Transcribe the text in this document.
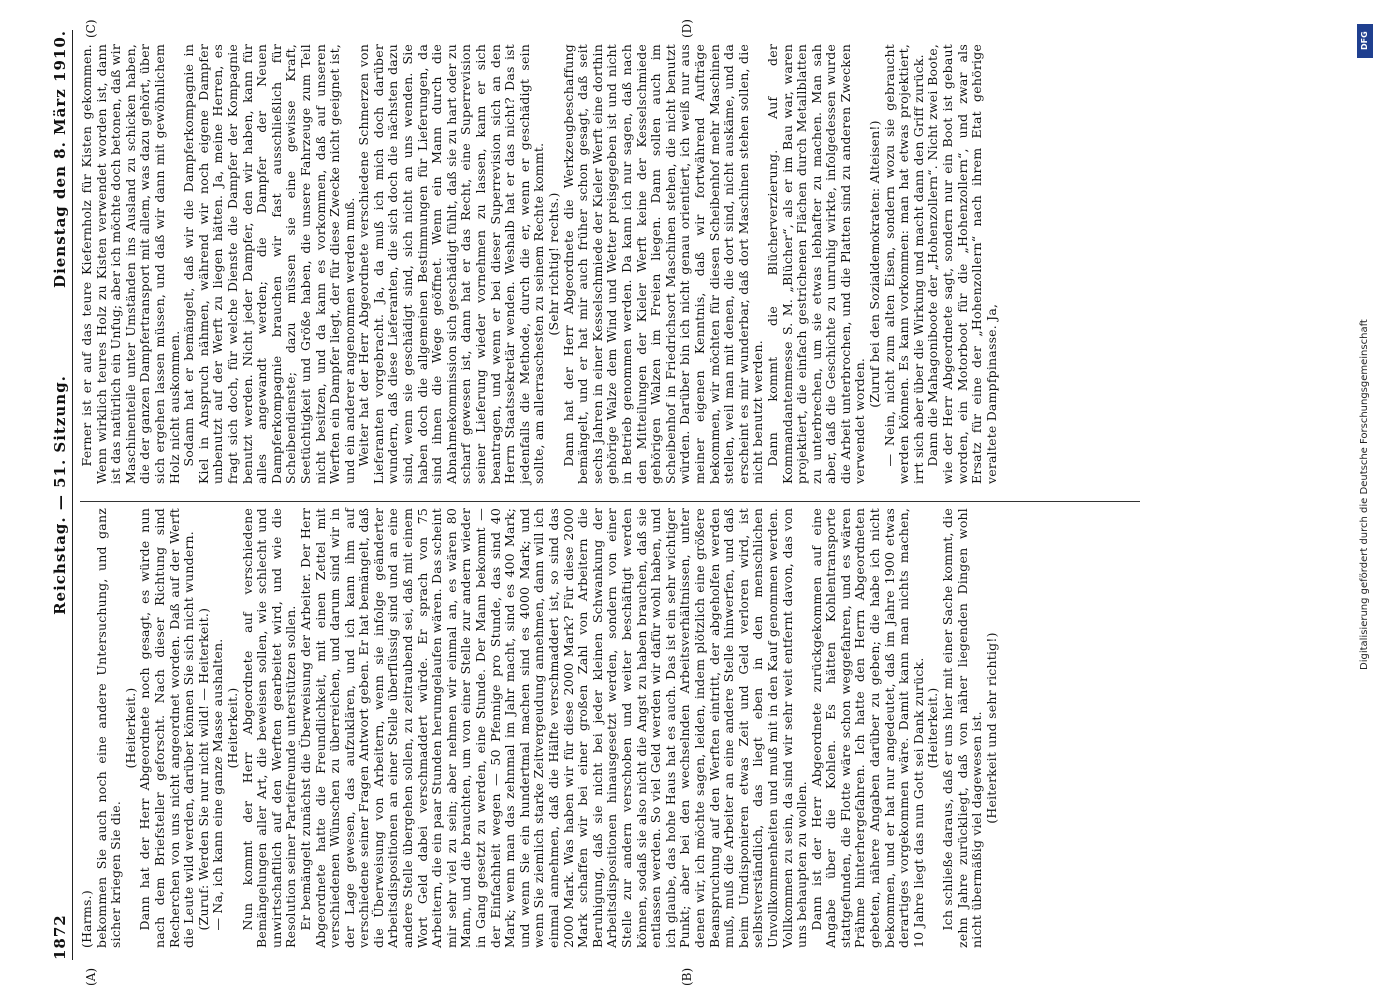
1872
Reichstag. — 51. Sitzung.
Dienstag den 8. März 1910.
(A)	(B)
(C)	(D)

(Harms.) bekommen Sie auch noch eine andere Untersuchung, und ganz sicher kriegen Sie die.

(Heiterkeit.) Dann hat der Herr Abgeordnete noch gesagt, es würde nun nach dem Briefsteller geforscht. Nach dieser Richtung sind Recherchen von uns nicht angeordnet worden. Daß auf der Werft die Leute wild werden, darüber können Sie sich nicht wundern. (Zuruf: Werden Sie nur nicht wild! — Heiterkeit.) — Na, ich kann eine ganze Masse aushalten. (Heiterkeit.) Nun kommt der Herr Abgeordnete auf verschiedene Bemängelungen aller Art, die beweisen sollen, wie schlecht und unwirtschaftlich auf den Werften gearbeitet wird, und wie die Resolution seiner Parteifreunde unterstützen sollen. Er bemängelt zunächst die Überweisung der Arbeiter. Der Herr Abgeordnete hatte die Freundlichkeit, mit einen Zettel mit verschiedenen Wünschen zu überreichen, und darum sind wir in der Lage gewesen, das aufzuklären, und ich kann ihm auf verschiedene seiner Fragen Antwort geben. Er hat bemängelt, daß die Überweisung von Arbeitern, wenn sie infolge geänderter Arbeitsdispositionen an einer Stelle überflüssig sind und an eine andere Stelle übergehen sollen, zu zeitraubend sei, daß mit einem Wort Geld dabei verschmaddert würde. Er sprach von 75 Arbeitern, die ein paar Stunden herumgelaufen wären. Das scheint mir sehr viel zu sein; aber nehmen wir einmal an, es wären 80 Mann, und die brauchten, um von einer Stelle zur andern wieder in Gang gesetzt zu werden, eine Stunde. Der Mann bekommt — der Einfachheit wegen — 50 Pfennige pro Stunde, das sind 40 Mark; wenn man das zehnmal im Jahr macht, sind es 400 Mark; und wenn Sie ein hundertmal machen sind es 4000 Mark; und wenn Sie ziemlich starke Zeitvergeudung annehmen, dann will ich einmal annehmen, daß die Hälfte verschmaddert ist, so sind das 2000 Mark. Was haben wir für diese 2000 Mark? Für diese 2000 Mark schaffen wir bei einer großen Zahl von Arbeitern die Beruhigung, daß sie nicht bei jeder kleinen Schwankung der Arbeitsdispositionen hinausgesetzt werden, sondern von einer Stelle zur andern verschoben und weiter beschäftigt werden können, sodaß sie also nicht die Angst zu haben brauchen, daß sie entlassen werden. So viel Geld werden wir dafür wohl haben, und ich glaube, das hohe Haus hat es auch. Das ist ein sehr wichtiger Punkt; aber bei den wechselnden Arbeitsverhältnissen, unter denen wir, ich möchte sagen, leiden, indem plötzlich eine größere Beanspruchung auf den Werften eintritt, der abgeholfen werden muß, muß die Arbeiter an eine andere Stelle hinwerfen, und daß beim Umdisponieren etwas Zeit und Geld verloren wird, ist selbstverständlich, das liegt eben in den menschlichen Unvollkommenheiten und muß mit in den Kauf genommen werden. Vollkommen zu sein, da sind wir sehr weit entfernt davon, das von uns behaupten zu wollen. Dann ist der Herr Abgeordnete zurückgekommen auf eine Angabe über die Kohlen. Es hätten Kohlentransporte stattgefunden, die Flotte wäre schon weggefahren, und es wären Prähme hinterhergefahren. Ich hatte den Herrn Abgeordneten gebeten, nähere Angaben darüber zu geben; die habe ich nicht bekommen, und er hat nur angedeutet, daß im Jahre 1900 etwas derartiges vorgekommen wäre. Damit kann man nichts machen, 10 Jahre liegt das nun Gott sei Dank zurück. (Heiterkeit.) Ich schließe daraus, daß er uns hier mit einer Sache kommt, die zehn Jahre zurückliegt, daß von näher liegenden Dingen wohl nicht übermäßig viel dagewesen ist. (Heiterkeit und sehr richtig!)

Ferner ist er auf das teure Kiefernholz für Kisten gekommen. Wenn wirklich teures Holz zu Kisten verwendet worden ist, dann ist das natürlich ein Unfug; aber ich möchte doch betonen, daß wir Maschinenteile unter Umständen ins Ausland zu schicken haben, die der ganzen Dampfertransport mit allem, was dazu gehört, über sich ergehen lassen müssen, und daß wir dann mit gewöhnlichem Holz nicht auskommen. Sodann hat er bemängelt, daß wir die Dampferkompagnie in Kiel in Anspruch nähmen, während wir noch eigene Dampfer unbenutzt auf der Werft zu liegen hätten. Ja, meine Herren, es fragt sich doch, für welche Dienste die Dampfer der Kompagnie benutzt werden. Nicht jeder Dampfer, den wir haben, kann für alles angewandt werden; die Dampfer der Neuen Dampferkompagnie brauchen wir fast ausschließlich für Scheibendienste; dazu müssen sie eine gewisse Kraft, Seetüchtigkeit und Größe haben, die unsere Fahrzeuge zum Teil nicht besitzen, und da kann es vorkommen, daß auf unseren Werften ein Dampfer liegt, der für diese Zwecke nicht geeignet ist, und ein anderer angenommen werden muß. Weiter hat der Herr Abgeordnete verschiedene Schmerzen von Lieferanten vorgebracht. Ja, da muß ich mich doch darüber wundern, daß diese Lieferanten, die sich doch die nächsten dazu sind, wenn sie geschädigt sind, sich nicht an uns wenden. Sie haben doch die allgemeinen Bestimmungen für Lieferungen, da sind ihnen die Wege geöffnet. Wenn ein Mann durch die Abnahmekommission sich geschädigt fühlt, daß sie zu hart oder zu scharf gewesen ist, dann hat er das Recht, eine Superrevision seiner Lieferung wieder vornehmen zu lassen, kann er sich beantragen, und wenn er bei dieser Superrevision sich an den Herrn Staatssekretär wenden. Weshalb hat er das nicht? Das ist jedenfalls die Methode, durch die er, wenn er geschädigt sein sollte, am allerraschesten zu seinem Rechte kommt. (Sehr richtig! rechts.) Dann hat der Herr Abgeordnete die Werkzeugbeschaffung bemängelt, und er hat mir auch früher schon gesagt, daß seit sechs Jahren in einer Kesselschmiede der Kieler Werft eine dorthin gehörige Walze dem Wind und Wetter preisgegeben ist und nicht in Betrieb genommen werden. Da kann ich nur sagen, daß nach den Mitteilungen der Kieler Werft keine der Kesselschmiede gehörigen Walzen im Freien liegen. Dann sollen auch im Scheibenhof in Friedrichsort Maschinen stehen, die nicht benutzt würden. Darüber bin ich nicht genau orientiert, ich weiß nur aus meiner eigenen Kenntnis, daß wir fortwährend Aufträge bekommen, wir möchten für diesen Scheibenhof mehr Maschinen stellen, weil man mit denen, die dort sind, nicht auskäme, und da erscheint es mir wunderbar, daß dort Maschinen stehen sollen, die nicht benutzt werden. Dann kommt die Blücherverzierung. Auf der Kommandantenmesse S. M. „Blücher“, als er im Bau war, waren projektiert, die einfach gestrichenen Flächen durch Metallblatten zu unterbrechen, um sie etwas lebhafter zu machen. Man sah aber, daß die Geschichte zu unruhig wirkte, infolgedessen wurde die Arbeit unterbrochen, und die Platten sind zu anderen Zwecken verwendet worden.

(Zuruf bei den Sozialdemokraten: Alteisen!) — Nein, nicht zum alten Eisen, sondern wozu sie gebraucht werden können. Es kann vorkommen: man hat etwas projektiert, irrt sich aber über die Wirkung und macht dann den Griff zurück. Dann die Mahagoniboote der „Hohenzollern“. Nicht zwei Boote, wie der Herr Abgeordnete sagt, sondern nur ein Boot ist gebaut worden, ein Motorboot für die „Hohenzollern“, und zwar als Ersatz für eine der „Hohenzollern“ nach ihrem Etat gehörige veraltete Dampfpinasse. Ja,

DFG
Digitalisierung gefördert durch die Deutsche Forschungsgemeinschaft
